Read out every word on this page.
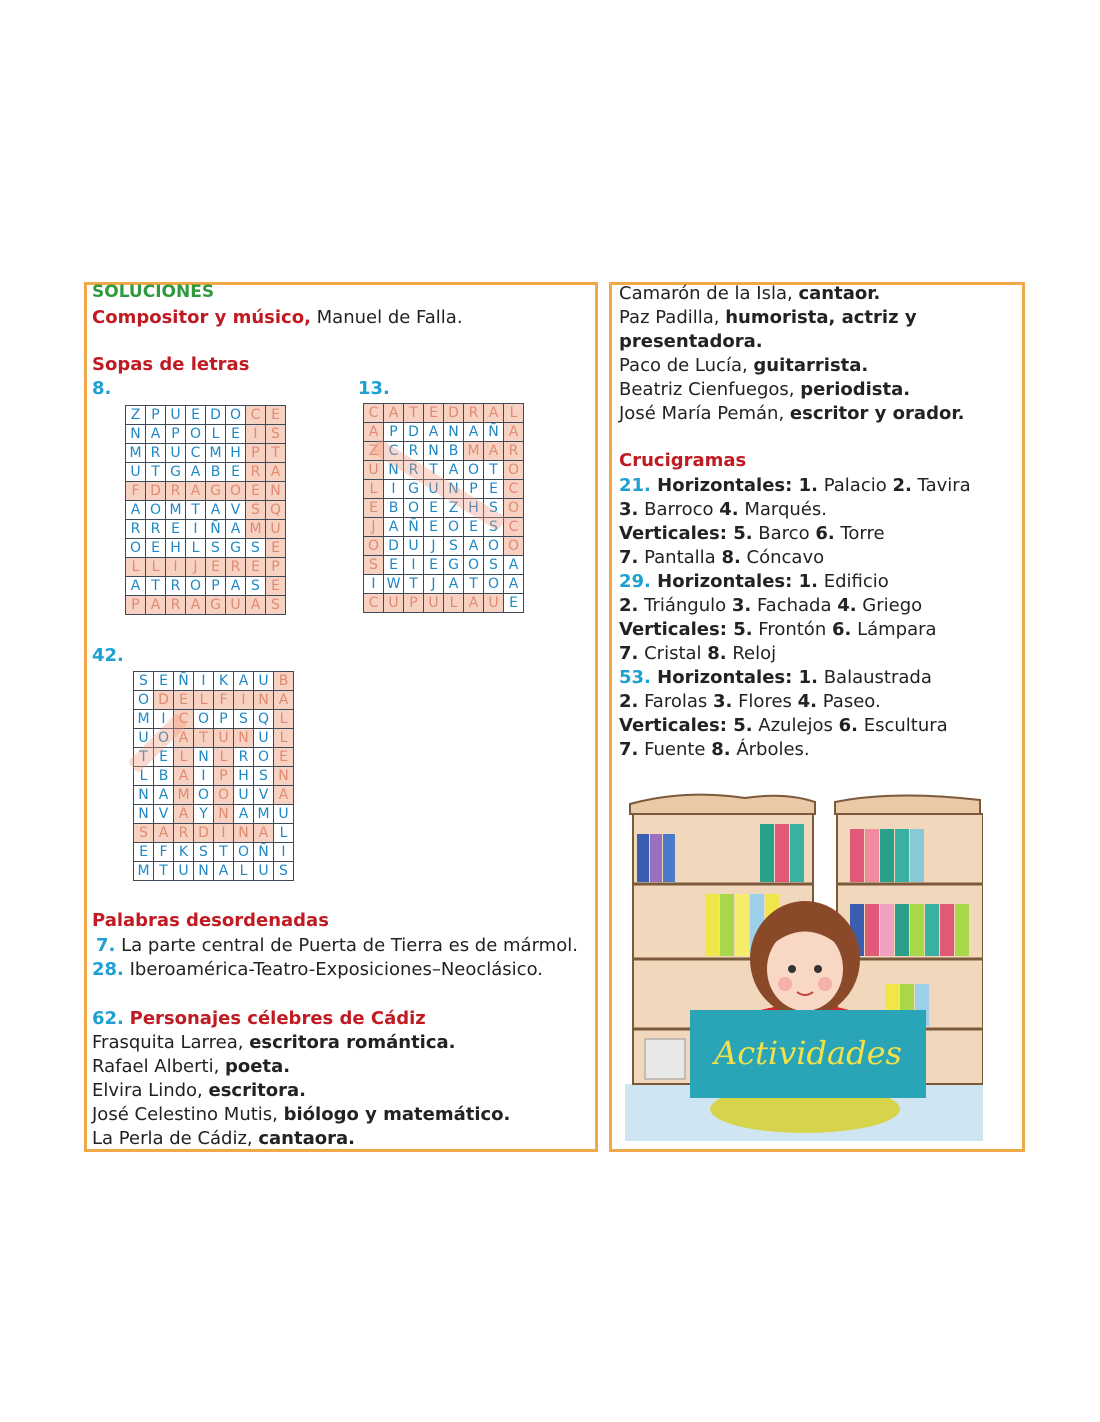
SOLUCIONES
Compositor y músico, Manuel de Falla.
Sopas de letras
8.	13.
42.
Z	P	U	E	D	O	C	E
N	A	P	O	L	E	I	S
M	R	U	C	M	H	P	T
U	T	G	A	B	E	R	A
F	D	R	A	G	O	E	N
A	O	M	T	A	V	S	Q
R	R	E	I	Ñ	A	M	U
O	E	H	L	S	G	S	E
L	L	I	J	E	R	E	P
A	T	R	O	P	A	S	E
P	A	R	A	G	U	A	S
C	A	T	E	D	R	A	L
A	P	D	A	N	A	Ñ	A
Z	C	R	N	B	M	A	R
U	N	R	T	A	O	T	O
L	I	G	U	N	P	E	C
E	B	O	E	Z	H	S	O
J	A	Ñ	E	O	E	S	C
O	D	U	J	S	A	O	O
S	E	I	E	G	O	S	A
I	W	T	J	A	T	O	A
C	U	P	U	L	A	U	E
S	E	Ñ	I	K	A	U	B
O	D	E	L	F	I	N	A
M	I	C	O	P	S	Q	L
U	O	A	T	U	N	U	L
T	E	L	N	L	R	O	E
L	B	A	I	P	H	S	N
N	A	M	O	O	U	V	A
N	V	A	Y	N	A	M	U
S	A	R	D	I	N	A	L
E	F	K	S	T	O	Ñ	I
M	T	U	N	A	L	U	S
Palabras desordenadas
7. La parte central de Puerta de Tierra es de mármol.
28. Iberoamérica-Teatro-Exposiciones–Neoclásico.
62. Personajes célebres de Cádiz
Frasquita Larrea, escritora romántica.
Rafael Alberti, poeta.
Elvira Lindo, escritora.
José Celestino Mutis, biólogo y matemático.
La Perla de Cádiz, cantaora.
Camarón de la Isla, cantaor.
Paz Padilla, humorista, actriz y
presentadora.
Paco de Lucía, guitarrista.
Beatriz Cienfuegos, periodista.
José María Pemán, escritor y orador.
Crucigramas
21. Horizontales: 1. Palacio 2. Tavira
3. Barroco 4. Marqués.
Verticales: 5. Barco 6. Torre
7. Pantalla 8. Cóncavo
29. Horizontales: 1. Edificio
2. Triángulo 3. Fachada 4. Griego
Verticales: 5. Frontón 6. Lámpara
7. Cristal 8. Reloj
53. Horizontales: 1. Balaustrada
2. Farolas 3. Flores 4. Paseo.
Verticales: 5. Azulejos 6. Escultura
7. Fuente 8. Árboles.
Actividades
